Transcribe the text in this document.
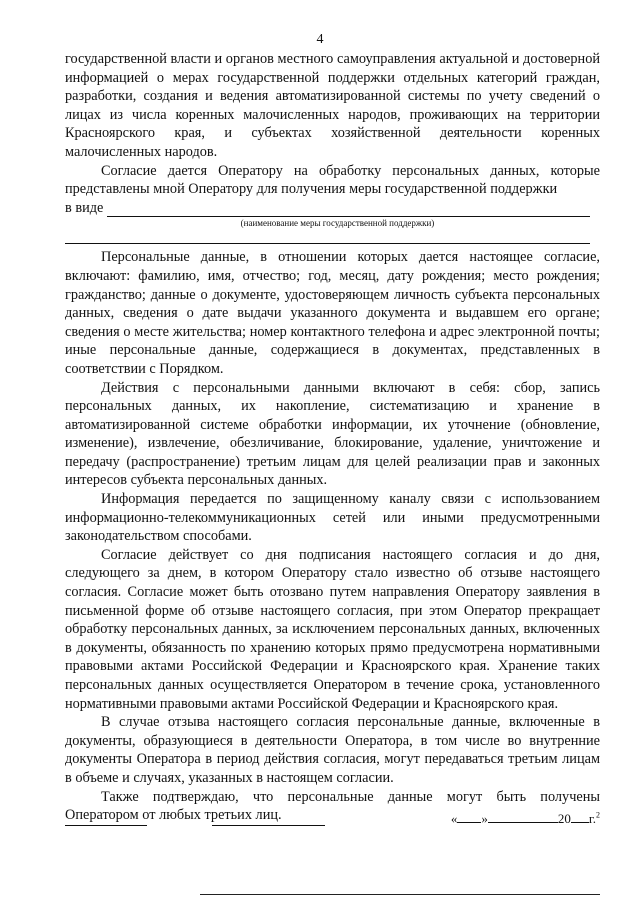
4

государственной власти и органов местного самоуправления актуальной и достоверной информацией о мерах государственной поддержки отдельных категорий граждан, разработки, создания и ведения автоматизированной системы по учету сведений о лицах из числа коренных малочисленных народов, проживающих на территории Красноярского края, и субъектах хозяйственной деятельности коренных малочисленных народов.

Согласие дается Оператору на обработку персональных данных, которые представлены мной Оператору для получения меры государственной поддержки

в виде
(наименование меры государственной поддержки)

Персональные данные, в отношении которых дается настоящее согласие, включают: фамилию, имя, отчество; год, месяц, дату рождения; место рождения; гражданство; данные о документе, удостоверяющем личность субъекта персональных данных, сведения о дате выдачи указанного документа и выдавшем его органе; сведения о месте жительства; номер контактного телефона и адрес электронной почты; иные персональные данные, содержащиеся в документах, представленных в соответствии с Порядком.

Действия с персональными данными включают в себя: сбор, запись персональных данных, их накопление, систематизацию и хранение в автоматизированной системе обработки информации, их уточнение (обновление, изменение), извлечение, обезличивание, блокирование, удаление, уничтожение и передачу (распространение) третьим лицам для целей реализации прав и законных интересов субъекта персональных данных.

Информация передается по защищенному каналу связи с использованием информационно-телекоммуникационных сетей или иными предусмотренными законодательством способами.

Согласие действует со дня подписания настоящего согласия и до дня, следующего за днем, в котором Оператору стало известно об отзыве настоящего согласия. Согласие может быть отозвано путем направления Оператору заявления в письменной форме об отзыве настоящего согласия, при этом Оператор прекращает обработку персональных данных, за исключением персональных данных, включенных в документы, обязанность по хранению которых прямо предусмотрена нормативными правовыми актами Российской Федерации и Красноярского края. Хранение таких персональных данных осуществляется Оператором в течение срока, установленного нормативными правовыми актами Российской Федерации и Красноярского края.

В случае отзыва настоящего согласия персональные данные, включенные в документы, образующиеся в деятельности Оператора, в том числе во внутренние документы Оператора в период действия согласия, могут передаваться третьим лицам в объеме и случаях, указанных в настоящем согласии.

Также подтверждаю, что персональные данные могут быть получены Оператором от любых третьих лиц.	« »	20 г.$^2$
